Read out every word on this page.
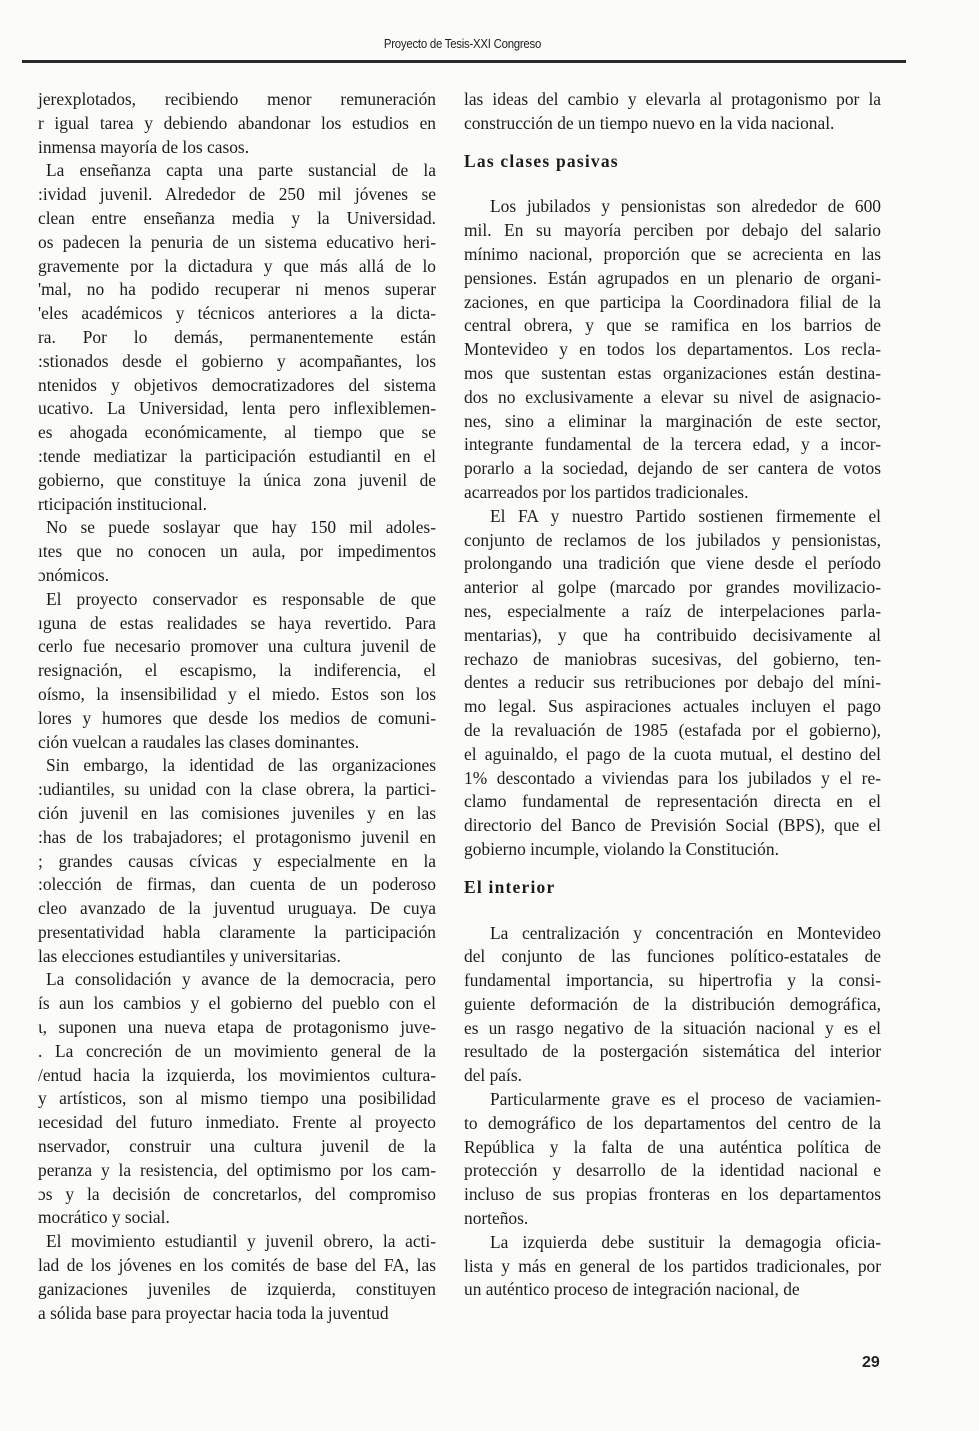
Proyecto de Tesis-XXI Congreso
jerexplotados, recibiendo menor remuneración
r igual tarea y debiendo abandonar los estudios en
inmensa mayoría de los casos.
La enseñanza capta una parte sustancial de la
:ividad juvenil. Alrededor de 250 mil jóvenes se
clean entre enseñanza media y la Universidad.
os padecen la penuria de un sistema educativo heri-
gravemente por la dictadura y que más allá de lo
'mal, no ha podido recuperar ni menos superar
'eles académicos y técnicos anteriores a la dicta-
ra. Por lo demás, permanentemente están
:stionados desde el gobierno y acompañantes, los
ntenidos y objetivos democratizadores del sistema
ucativo. La Universidad, lenta pero inflexiblemen-
es ahogada económicamente, al tiempo que se
:tende mediatizar la participación estudiantil en el
gobierno, que constituye la única zona juvenil de
rticipación institucional.
No se puede soslayar que hay 150 mil adoles-
ıtes que no conocen un aula, por impedimentos
ɔnómicos.
El proyecto conservador es responsable de que
ıguna de estas realidades se haya revertido. Para
cerlo fue necesario promover una cultura juvenil de
resignación, el escapismo, la indiferencia, el
oísmo, la insensibilidad y el miedo. Estos son los
lores y humores que desde los medios de comuni-
ción vuelcan a raudales las clases dominantes.
Sin embargo, la identidad de las organizaciones
:udiantiles, su unidad con la clase obrera, la partici-
ción juvenil en las comisiones juveniles y en las
:has de los trabajadores; el protagonismo juvenil en
; grandes causas cívicas y especialmente en la
:olección de firmas, dan cuenta de un poderoso
cleo avanzado de la juventud uruguaya. De cuya
presentatividad habla claramente la participación
las elecciones estudiantiles y universitarias.
La consolidación y avance de la democracia, pero
ís aun los cambios y el gobierno del pueblo con el
ι, suponen una nueva etapa de protagonismo juve-
. La concreción de un movimiento general de la
/entud hacia la izquierda, los movimientos cultura-
y artísticos, son al mismo tiempo una posibilidad
ıecesidad del futuro inmediato. Frente al proyecto
nservador, construir una cultura juvenil de la
peranza y la resistencia, del optimismo por los cam-
ɔs y la decisión de concretarlos, del compromiso
mocrático y social.
El movimiento estudiantil y juvenil obrero, la acti-
lad de los jóvenes en los comités de base del FA, las
ganizaciones juveniles de izquierda, constituyen
a sólida base para proyectar hacia toda la juventud
las ideas del cambio y elevarla al protagonismo por la
construcción de un tiempo nuevo en la vida nacional.
Las clases pasivas
Los jubilados y pensionistas son alrededor de 600
mil. En su mayoría perciben por debajo del salario
mínimo nacional, proporción que se acrecienta en las
pensiones. Están agrupados en un plenario de organi-
zaciones, en que participa la Coordinadora filial de la
central obrera, y que se ramifica en los barrios de
Montevideo y en todos los departamentos. Los recla-
mos que sustentan estas organizaciones están destina-
dos no exclusivamente a elevar su nivel de asignacio-
nes, sino a eliminar la marginación de este sector,
integrante fundamental de la tercera edad, y a incor-
porarlo a la sociedad, dejando de ser cantera de votos
acarreados por los partidos tradicionales.
El FA y nuestro Partido sostienen firmemente el
conjunto de reclamos de los jubilados y pensionistas,
prolongando una tradición que viene desde el período
anterior al golpe (marcado por grandes movilizacio-
nes, especialmente a raíz de interpelaciones parla-
mentarias), y que ha contribuido decisivamente al
rechazo de maniobras sucesivas, del gobierno, ten-
dentes a reducir sus retribuciones por debajo del míni-
mo legal. Sus aspiraciones actuales incluyen el pago
de la revaluación de 1985 (estafada por el gobierno),
el aguinaldo, el pago de la cuota mutual, el destino del
1% descontado a viviendas para los jubilados y el re-
clamo fundamental de representación directa en el
directorio del Banco de Previsión Social (BPS), que el
gobierno incumple, violando la Constitución.
El interior
La centralización y concentración en Montevideo
del conjunto de las funciones político-estatales de
fundamental importancia, su hipertrofia y la consi-
guiente deformación de la distribución demográfica,
es un rasgo negativo de la situación nacional y es el
resultado de la postergación sistemática del interior
del país.
Particularmente grave es el proceso de vaciamien-
to demográfico de los departamentos del centro de la
República y la falta de una auténtica política de
protección y desarrollo de la identidad nacional e
incluso de sus propias fronteras en los departamentos
norteños.
La izquierda debe sustituir la demagogia oficia-
lista y más en general de los partidos tradicionales, por
un auténtico proceso de integración nacional, de
29
